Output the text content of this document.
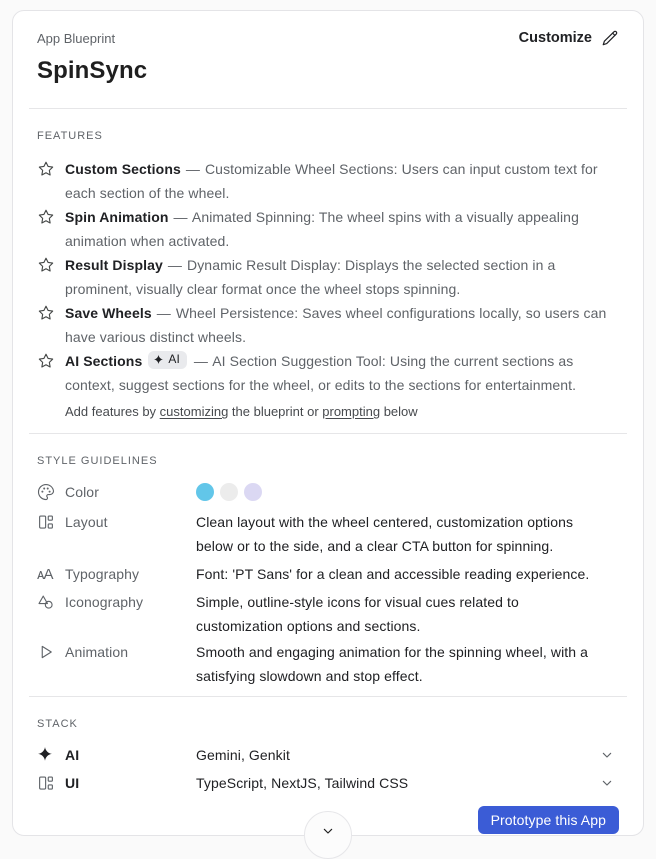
App Blueprint	Customize
SpinSync
FEATURES
Custom Sections — Customizable Wheel Sections: Users can input custom text for each section of the wheel.
Spin Animation — Animated Spinning: The wheel spins with a visually appealing animation when activated.
Result Display — Dynamic Result Display: Displays the selected section in a prominent, visually clear format once the wheel stops spinning.
Save Wheels — Wheel Persistence: Saves wheel configurations locally, so users can have various distinct wheels.
AI Sections AI — AI Section Suggestion Tool: Using the current sections as context, suggest sections for the wheel, or edits to the sections for entertainment.
Add features by customizing the blueprint or prompting below
STYLE GUIDELINES
Color
Layout	Clean layout with the wheel centered, customization options below or to the side, and a clear CTA button for spinning.
ᴀA Typography	Font: 'PT Sans' for a clean and accessible reading experience.
Iconography	Simple, outline-style icons for visual cues related to customization options and sections.
Animation	Smooth and engaging animation for the spinning wheel, with a satisfying slowdown and stop effect.
STACK
AI	Gemini, Genkit
UI	TypeScript, NextJS, Tailwind CSS
Prototype this App
